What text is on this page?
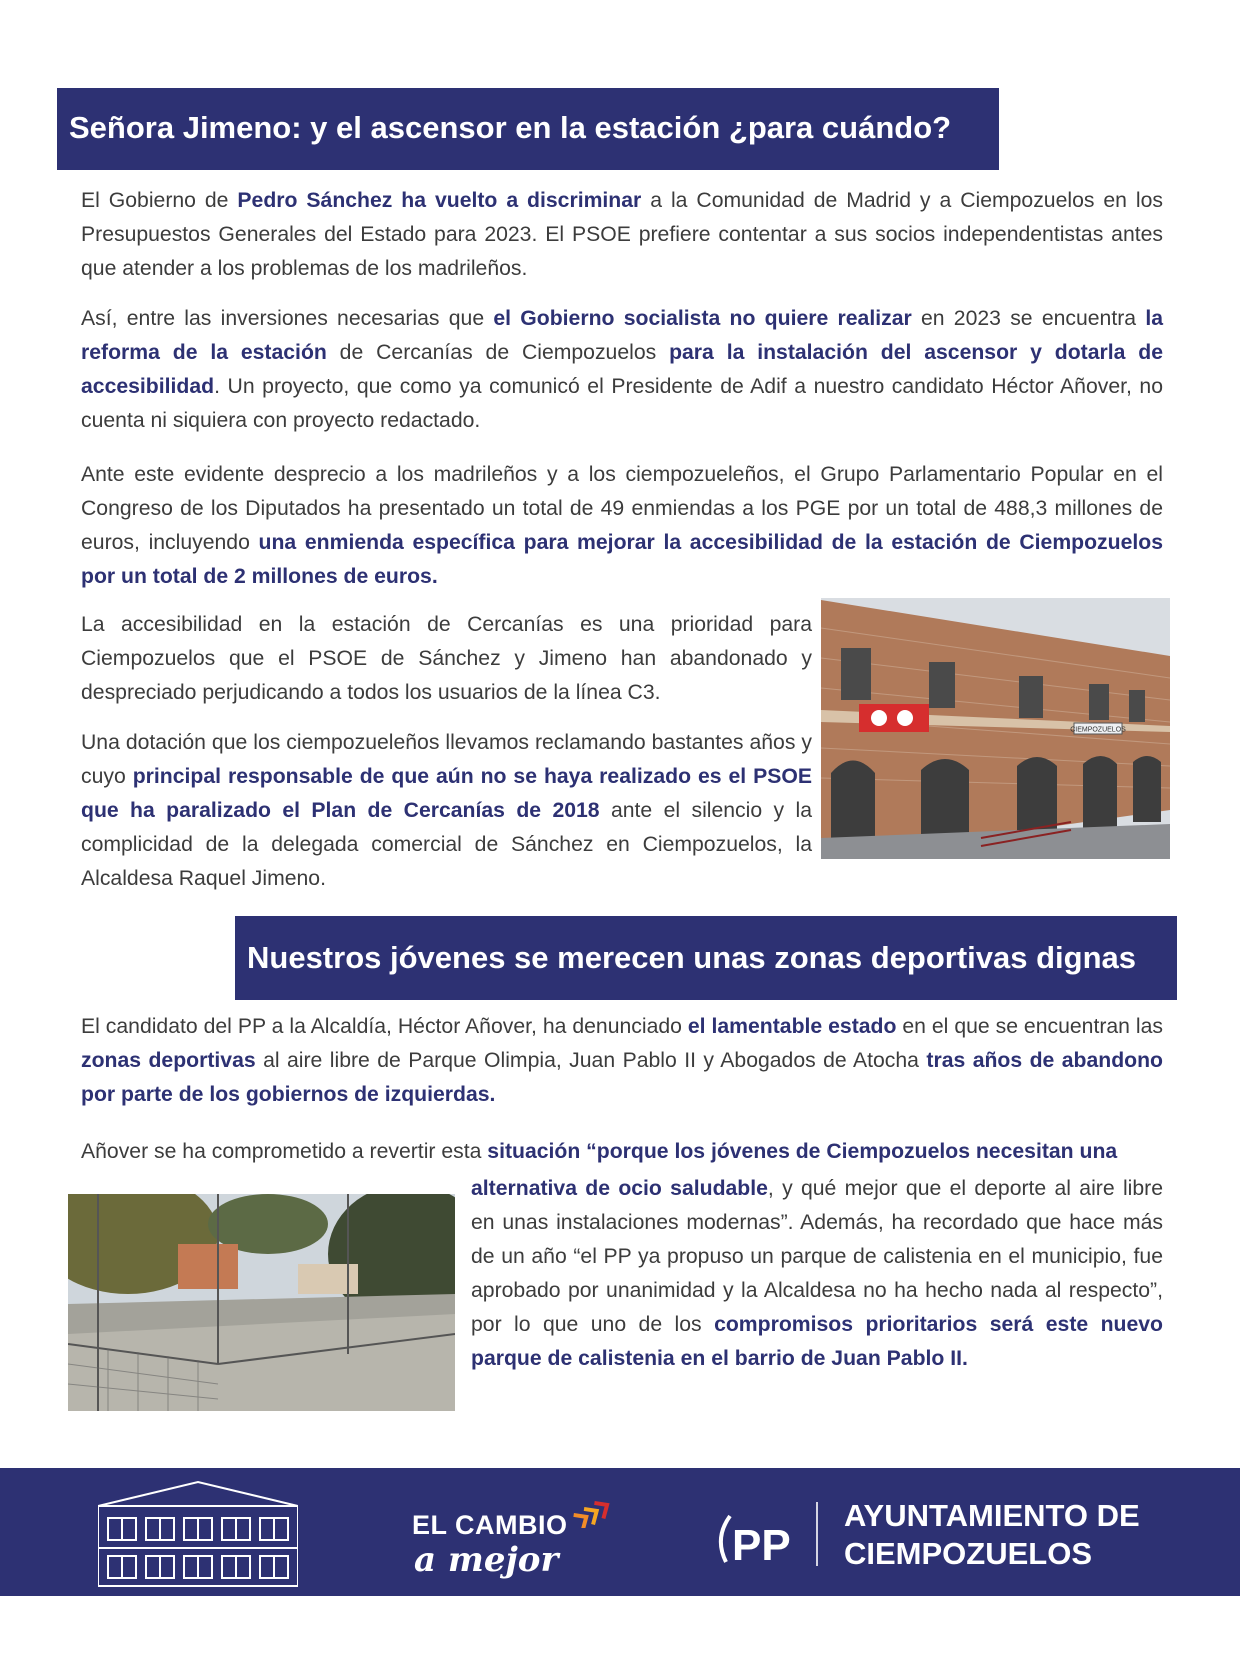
Señora Jimeno: y el ascensor en la estación ¿para cuándo?

El Gobierno de Pedro Sánchez ha vuelto a discriminar a la Comunidad de Madrid y a Ciempozuelos en los Presupuestos Generales del Estado para 2023. El PSOE prefiere contentar a sus socios independentistas antes que atender a los problemas de los madrileños.

Así, entre las inversiones necesarias que el Gobierno socialista no quiere realizar en 2023 se encuentra la reforma de la estación de Cercanías de Ciempozuelos para la instalación del ascensor y dotarla de accesibilidad. Un proyecto, que como ya comunicó el Presidente de Adif a nuestro candidato Héctor Añover, no cuenta ni siquiera con proyecto redactado.

Ante este evidente desprecio a los madrileños y a los ciempozueleños, el Grupo Parlamentario Popular en el Congreso de los Diputados ha presentado un total de 49 enmiendas a los PGE por un total de 488,3 millones de euros, incluyendo una enmienda específica para mejorar la accesibilidad de la estación de Ciempozuelos por un total de 2 millones de euros.

La accesibilidad en la estación de Cercanías es una prioridad para Ciempozuelos que el PSOE de Sánchez y Jimeno han abandonado y despreciado perjudicando a todos los usuarios de la línea C3.

Una dotación que los ciempozueleños llevamos reclamando bastantes años y cuyo principal responsable de que aún no se haya realizado es el PSOE que ha paralizado el Plan de Cercanías de 2018 ante el silencio y la complicidad de la delegada comercial de Sánchez en Ciempozuelos, la Alcaldesa Raquel Jimeno.

CIEMPOZUELOS
Nuestros jóvenes se merecen unas zonas deportivas dignas

El candidato del PP a la Alcaldía, Héctor Añover, ha denunciado el lamentable estado en el que se encuentran las zonas deportivas al aire libre de Parque Olimpia, Juan Pablo II y Abogados de Atocha tras años de abandono por parte de los gobiernos de izquierdas.

Añover se ha comprometido a revertir esta situación “porque los jóvenes de Ciempozuelos necesitan una

alternativa de ocio saludable, y qué mejor que el deporte al aire libre en unas instalaciones modernas”. Además, ha recordado que hace más de un año “el PP ya propuso un parque de calistenia en el municipio, fue aprobado por unanimidad y la Alcaldesa no ha hecho nada al respecto”, por lo que uno de los compromisos prioritarios será este nuevo parque de calistenia en el barrio de Juan Pablo II.

EL CAMBIO
a mejor	PP
AYUNTAMIENTO DE
CIEMPOZUELOS
